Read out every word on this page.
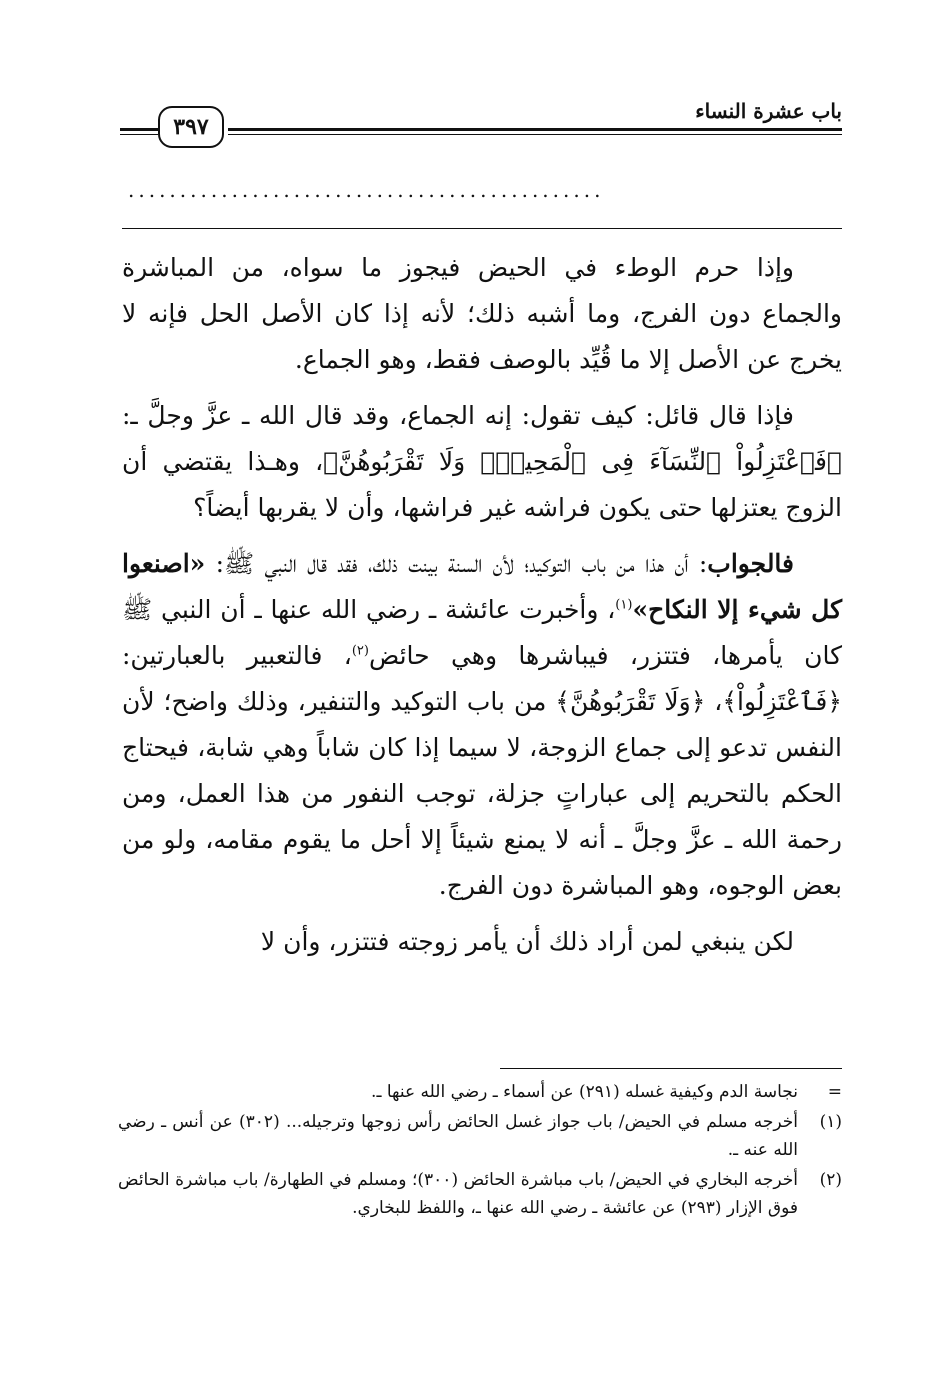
باب عشرة النساء
٣٩٧
..............................................

وإذا حرم الوطء في الحيض فيجوز ما سواه، من المباشرة والجماع دون الفرج، وما أشبه ذلك؛ لأنه إذا كان الأصل الحل فإنه لا يخرج عن الأصل إلا ما قُيِّد بالوصف فقط، وهو الجماع.

فإذا قال قائل: كيف تقول: إنه الجماع، وقد قال الله ـ عزَّ وجلَّ ـ: ﴿فَٱعْتَزِلُواْ ٱلنِّسَآءَ فِى ٱلْمَحِيضِۖ وَلَا تَقْرَبُوهُنَّ﴾، وهـذا يقتضي أن الزوج يعتزلها حتى يكون فراشه غير فراشها، وأن لا يقربها أيضاً؟

فالجواب: أن هذا من باب التوكيد؛ لأن السنة بينت ذلك، فقد قال النبي ﷺ: «اصنعوا كل شيء إلا النكاح»$^{(١)}$، وأخبرت عائشة ـ رضي الله عنها ـ أن النبي ﷺ كان يأمرها، فتتزر، فيباشرها وهي حائض$^{(٢)}$، فالتعبير بالعبارتين: ﴿فَٱعْتَزِلُواْ﴾، ﴿وَلَا تَقْرَبُوهُنَّ﴾ من باب التوكيد والتنفير، وذلك واضح؛ لأن النفس تدعو إلى جماع الزوجة، لا سيما إذا كان شاباً وهي شابة، فيحتاج الحكم بالتحريم إلى عباراتٍ جزلة، توجب النفور من هذا العمل، ومن رحمة الله ـ عزَّ وجلَّ ـ أنه لا يمنع شيئاً إلا أحل ما يقوم مقامه، ولو من بعض الوجوه، وهو المباشرة دون الفرج.

لكن ينبغي لمن أراد ذلك أن يأمر زوجته فتتزر، وأن لا

=
نجاسة الدم وكيفية غسله (٢٩١) عن أسماء ـ رضي الله عنها ـ.
(١)
أخرجه مسلم في الحيض/ باب جواز غسل الحائض رأس زوجها وترجيله... (٣٠٢) عن أنس ـ رضي الله عنه ـ.
(٢)
أخرجه البخاري في الحيض/ باب مباشرة الحائض (٣٠٠)؛ ومسلم في الطهارة/ باب مباشرة الحائض فوق الإزار (٢٩٣) عن عائشة ـ رضي الله عنها ـ، واللفظ للبخاري.
